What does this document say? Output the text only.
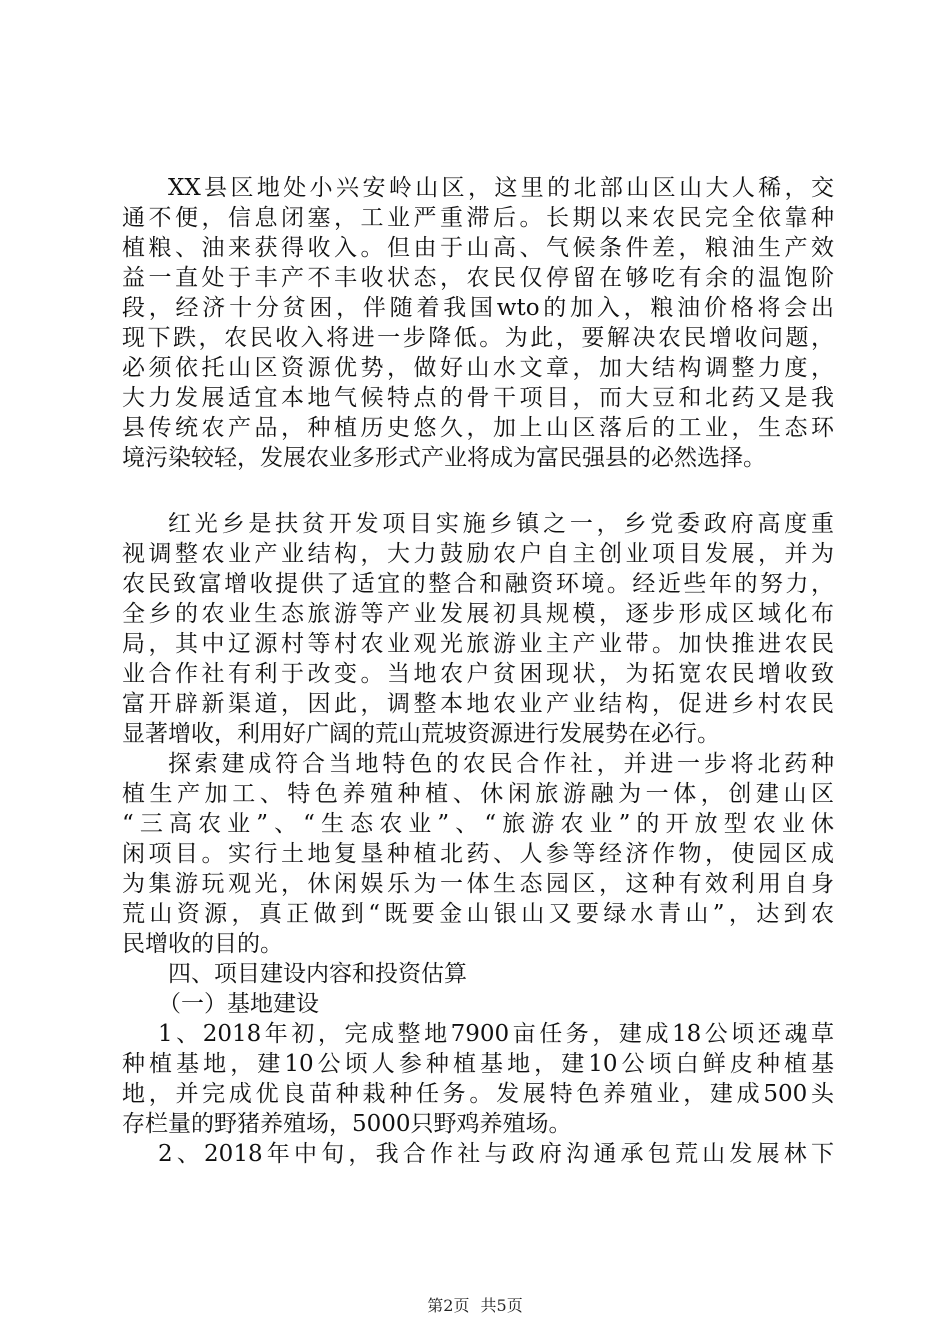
XX县区地处小兴安岭山区，这里的北部山区山大人稀，交
通不便，信息闭塞，工业严重滞后。长期以来农民完全依靠种
植粮、油来获得收入。但由于山高、气候条件差，粮油生产效
益一直处于丰产不丰收状态，农民仅停留在够吃有余的温饱阶
段，经济十分贫困，伴随着我国wto的加入，粮油价格将会出
现下跌，农民收入将进一步降低。为此，要解决农民增收问题，
必须依托山区资源优势，做好山水文章，加大结构调整力度，
大力发展适宜本地气候特点的骨干项目，而大豆和北药又是我
县传统农产品，种植历史悠久，加上山区落后的工业，生态环
境污染较轻，发展农业多形式产业将成为富民强县的必然选择。
红光乡是扶贫开发项目实施乡镇之一，乡党委政府高度重
视调整农业产业结构，大力鼓励农户自主创业项目发展，并为
农民致富增收提供了适宜的整合和融资环境。经近些年的努力，
全乡的农业生态旅游等产业发展初具规模，逐步形成区域化布
局，其中辽源村等村农业观光旅游业主产业带。加快推进农民
业合作社有利于改变。当地农户贫困现状，为拓宽农民增收致
富开辟新渠道，因此，调整本地农业产业结构，促进乡村农民
显著增收，利用好广阔的荒山荒坡资源进行发展势在必行。
探索建成符合当地特色的农民合作社，并进一步将北药种
植生产加工、特色养殖种植、休闲旅游融为一体，创建山区
“三高农业”、“生态农业”、“旅游农业”的开放型农业休
闲项目。实行土地复垦种植北药、人参等经济作物，使园区成
为集游玩观光，休闲娱乐为一体生态园区，这种有效利用自身
荒山资源，真正做到“既要金山银山又要绿水青山”，达到农
民增收的目的。
四、项目建设内容和投资估算
（一）基地建设
1、2018年初，完成整地7900亩任务，建成18公顷还魂草
种植基地，建10公顷人参种植基地，建10公顷白鲜皮种植基
地，并完成优良苗种栽种任务。发展特色养殖业，建成500头
存栏量的野猪养殖场，5000只野鸡养殖场。
2、2018年中旬，我合作社与政府沟通承包荒山发展林下
第2页 共5页
